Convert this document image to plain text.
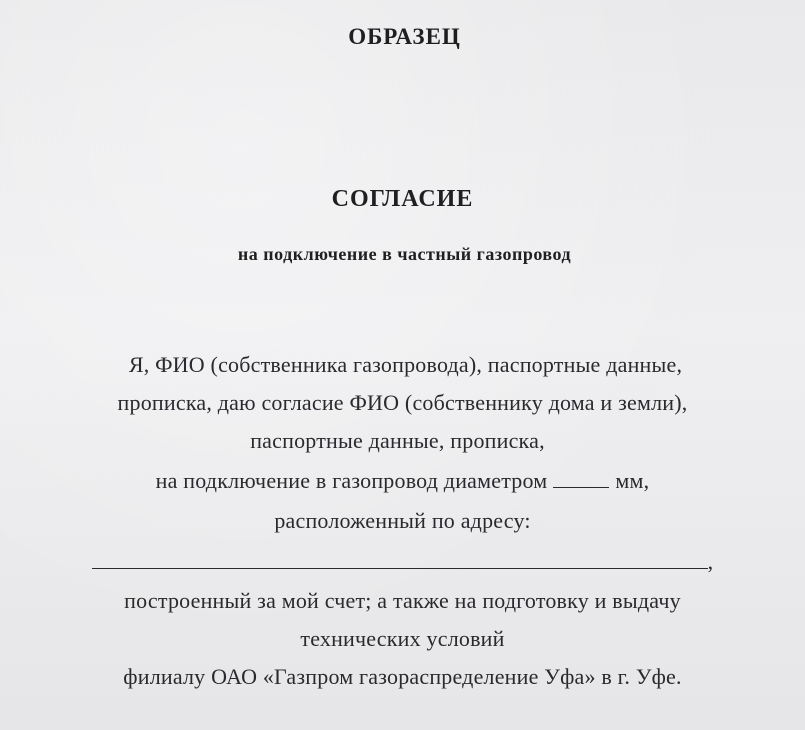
ОБРАЗЕЦ
СОГЛАСИЕ
на подключение в частный газопровод
Я, ФИО (собственника газопровода), паспортные данные,
прописка, даю согласие ФИО (собственнику дома и земли),
паспортные данные, прописка,
на подключение в газопровод диаметром	мм,
расположенный по адресу:
,
построенный за мой счет; а также на подготовку и выдачу
технических условий
филиалу ОАО «Газпром газораспределение Уфа» в г. Уфе.
